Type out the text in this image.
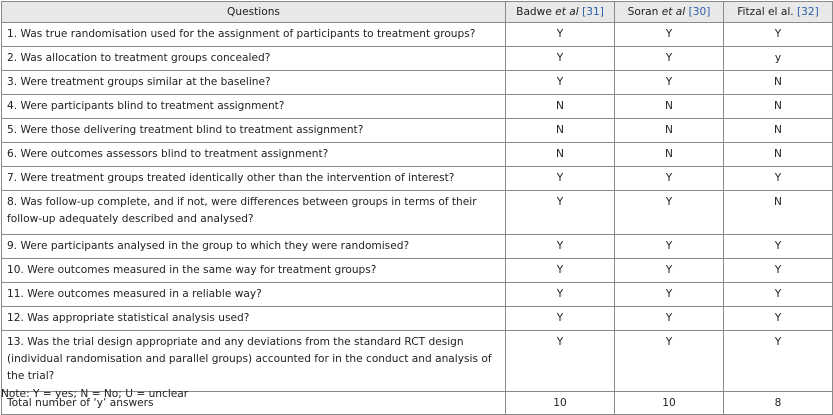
Questions	Badwe et al [31]	Soran et al [30]	Fitzal el al. [32]
1. Was true randomisation used for the assignment of participants to treatment groups?	Y	Y	Y
2. Was allocation to treatment groups concealed?	Y	Y	y
3. Were treatment groups similar at the baseline?	Y	Y	N
4. Were participants blind to treatment assignment?	N	N	N
5. Were those delivering treatment blind to treatment assignment?	N	N	N
6. Were outcomes assessors blind to treatment assignment?	N	N	N
7. Were treatment groups treated identically other than the intervention of interest?	Y	Y	Y
8. Was follow-up complete, and if not, were differences between groups in terms of their follow-up adequately described and analysed?	Y	Y	N
9. Were participants analysed in the group to which they were randomised?	Y	Y	Y
10. Were outcomes measured in the same way for treatment groups?	Y	Y	Y
11. Were outcomes measured in a reliable way?	Y	Y	Y
12. Was appropriate statistical analysis used?	Y	Y	Y
13. Was the trial design appropriate and any deviations from the standard RCT design (individual randomisation and parallel groups) accounted for in the conduct and analysis of the trial?	Y	Y	Y
Total number of ‘y’ answers	10	10	8
Note: Y = yes; N = No; U = unclear
